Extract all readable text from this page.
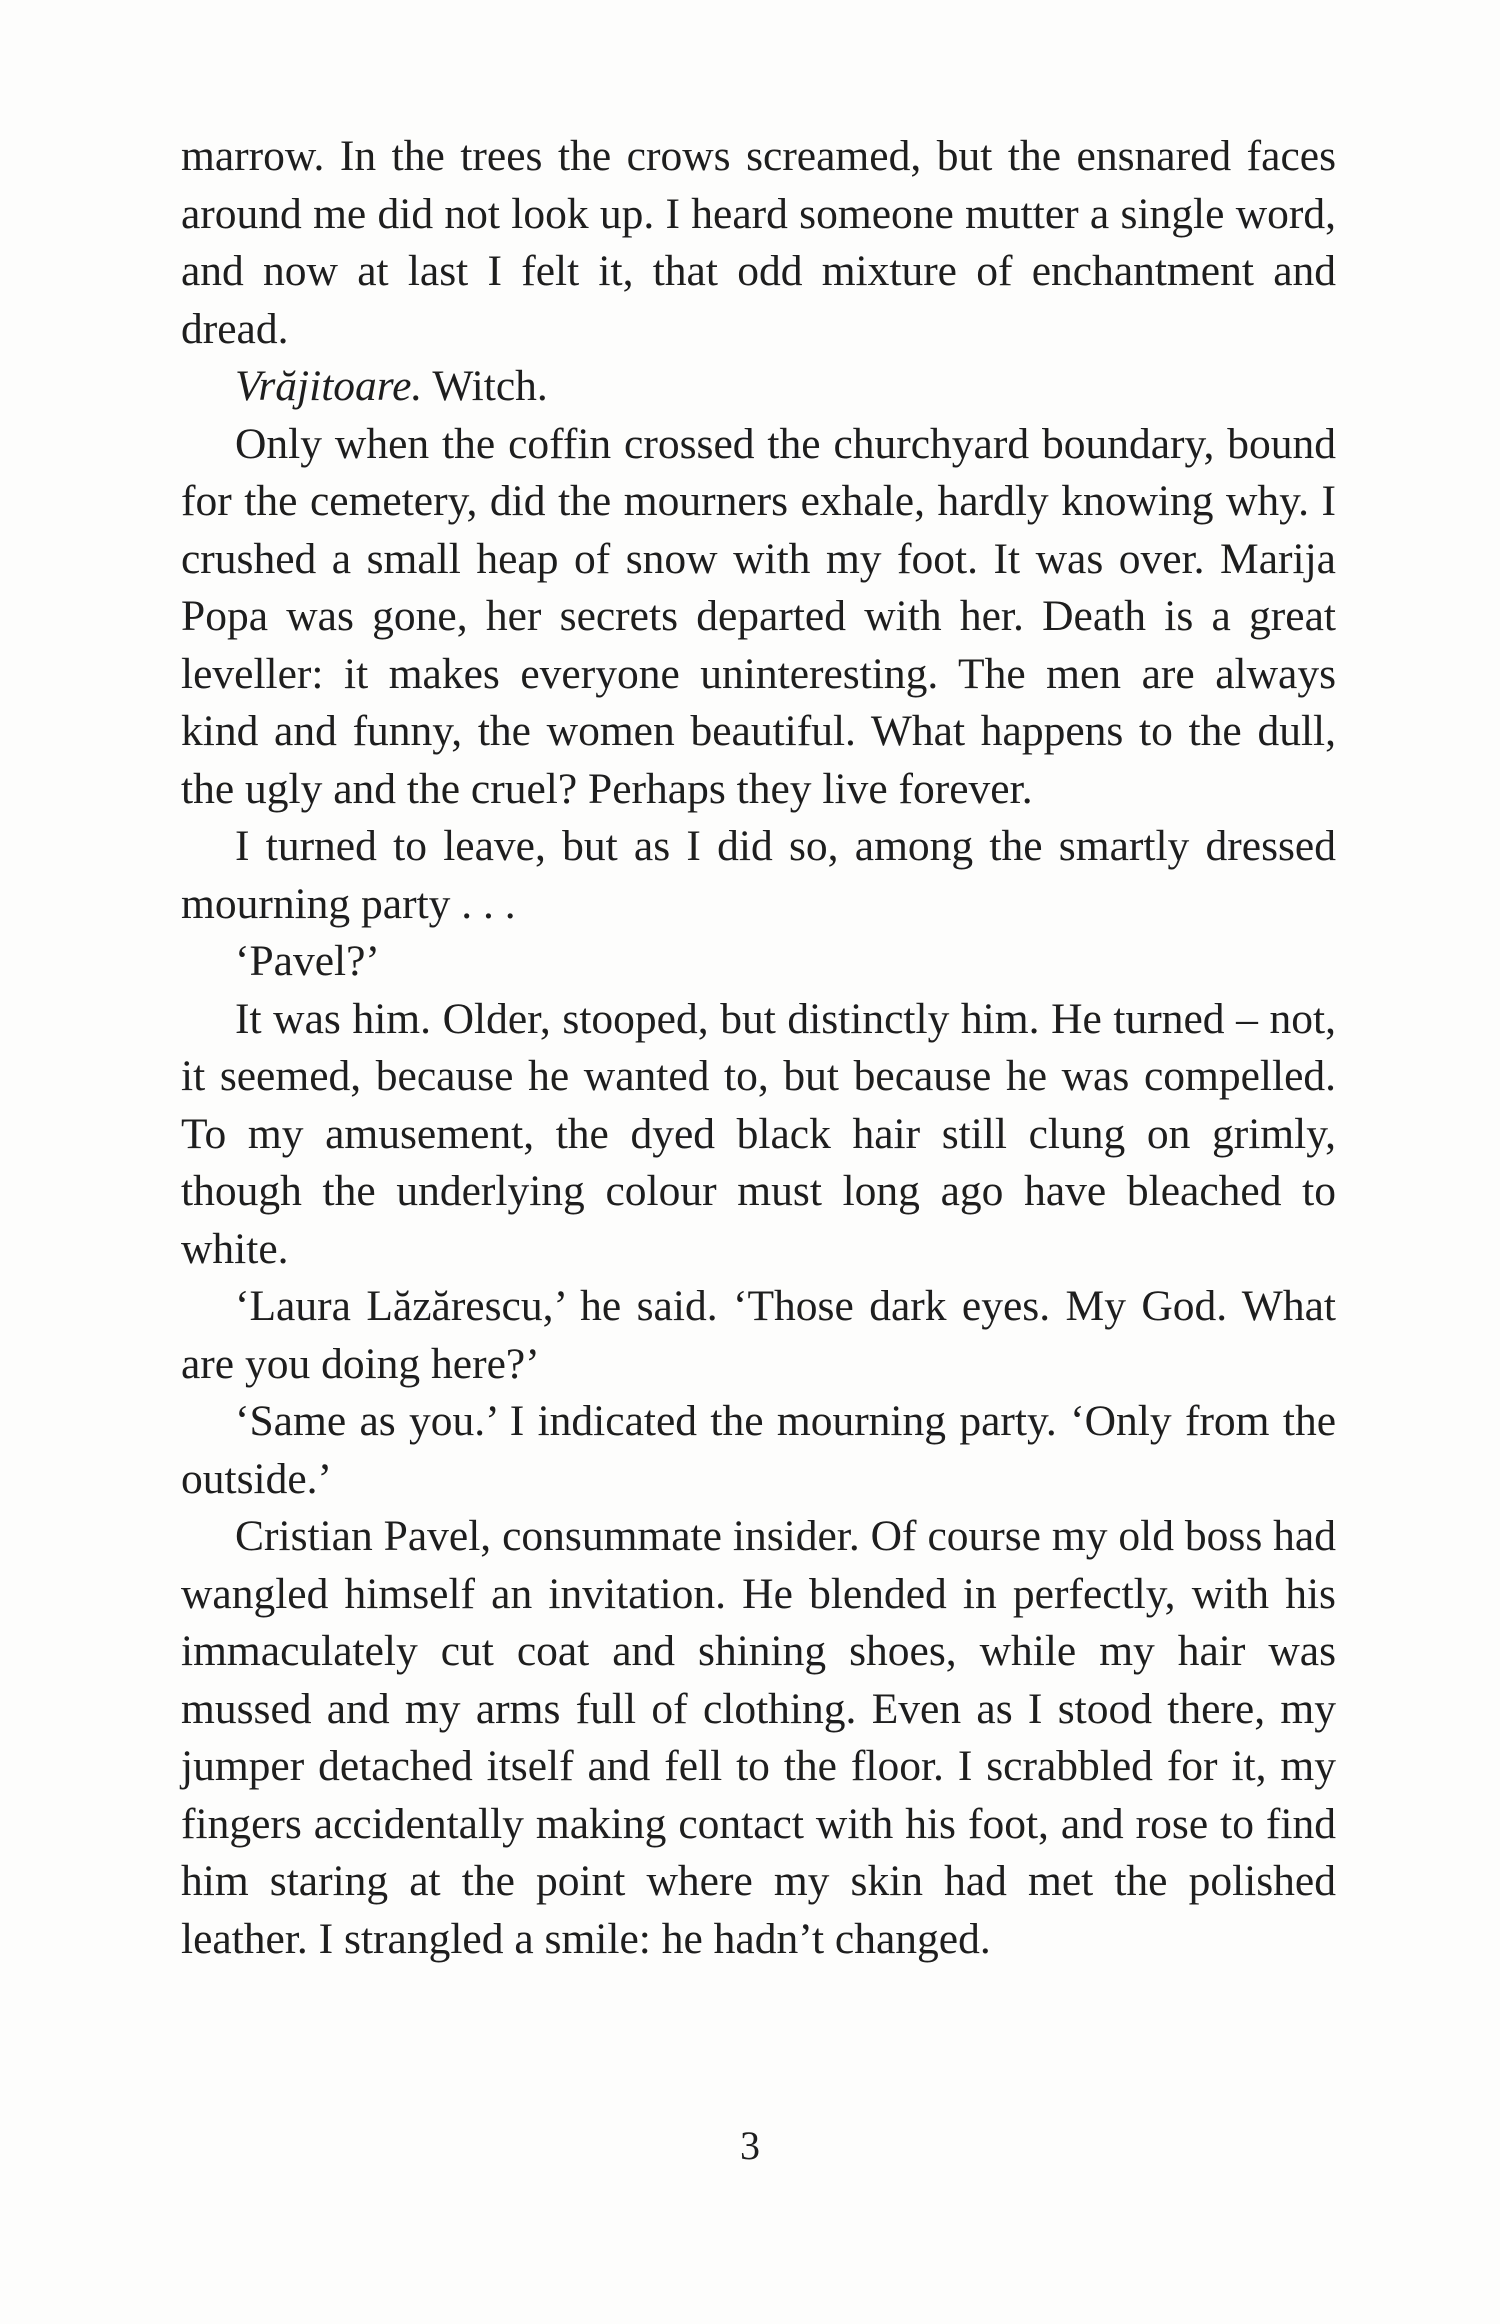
marrow. In the trees the crows screamed, but the ensnared faces around me did not look up. I heard someone mutter a single word, and now at last I felt it, that odd mixture of enchantment and dread.

Vrăjitoare. Witch.

Only when the coffin crossed the churchyard boundary, bound for the cemetery, did the mourners exhale, hardly knowing why. I crushed a small heap of snow with my foot. It was over. Marija Popa was gone, her secrets departed with her. Death is a great leveller: it makes everyone uninteresting. The men are always kind and funny, the women beautiful. What happens to the dull, the ugly and the cruel? Perhaps they live forever.

I turned to leave, but as I did so, among the smartly dressed mourning party . . .

‘Pavel?’

It was him. Older, stooped, but distinctly him. He turned – not, it seemed, because he wanted to, but because he was compelled. To my amusement, the dyed black hair still clung on grimly, though the underlying colour must long ago have bleached to white.

‘Laura Lăzărescu,’ he said. ‘Those dark eyes. My God. What are you doing here?’

‘Same as you.’ I indicated the mourning party. ‘Only from the outside.’

Cristian Pavel, consummate insider. Of course my old boss had wangled himself an invitation. He blended in perfectly, with his immaculately cut coat and shining shoes, while my hair was mussed and my arms full of clothing. Even as I stood there, my jumper detached itself and fell to the floor. I scrabbled for it, my fingers accidentally making contact with his foot, and rose to find him staring at the point where my skin had met the polished leather. I strangled a smile: he hadn’t changed.

3
